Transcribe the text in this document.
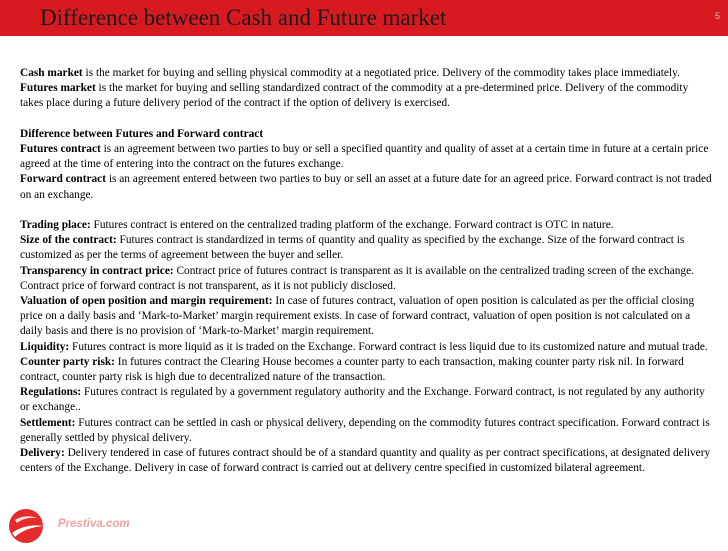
Difference between Cash and Future market	5

Cash market is the market for buying and selling physical commodity at a negotiated price. Delivery of the commodity takes place immediately.

Futures market is the market for buying and selling standardized contract of the commodity at a pre-determined price. Delivery of the commodity takes place during a future delivery period of the contract if the option of delivery is exercised.

Difference between Futures and Forward contract

Futures contract is an agreement between two parties to buy or sell a specified quantity and quality of asset at a certain time in future at a certain price agreed at the time of entering into the contract on the futures exchange.

Forward contract is an agreement entered between two parties to buy or sell an asset at a future date for an agreed price. Forward contract is not traded on an exchange.

Trading place: Futures contract is entered on the centralized trading platform of the exchange. Forward contract is OTC in nature.

Size of the contract: Futures contract is standardized in terms of quantity and quality as specified by the exchange. Size of the forward contract is customized as per the terms of agreement between the buyer and seller.

Transparency in contract price: Contract price of futures contract is transparent as it is available on the centralized trading screen of the exchange. Contract price of forward contract is not transparent, as it is not publicly disclosed.

Valuation of open position and margin requirement: In case of futures contract, valuation of open position is calculated as per the official closing price on a daily basis and ‘Mark-to-Market’ margin requirement exists. In case of forward contract, valuation of open position is not calculated on a daily basis and there is no provision of ‘Mark-to-Market’ margin requirement.

Liquidity: Futures contract is more liquid as it is traded on the Exchange. Forward contract is less liquid due to its customized nature and mutual trade.

Counter party risk: In futures contract the Clearing House becomes a counter party to each transaction, making counter party risk nil. In forward contract, counter party risk is high due to decentralized nature of the transaction.

Regulations: Futures contract is regulated by a government regulatory authority and the Exchange. Forward contract, is not regulated by any authority or exchange..

Settlement: Futures contract can be settled in cash or physical delivery, depending on the commodity futures contract specification. Forward contract is generally settled by physical delivery.

Delivery: Delivery tendered in case of futures contract should be of a standard quantity and quality as per contract specifications, at designated delivery centers of the Exchange. Delivery in case of forward contract is carried out at delivery centre specified in customized bilateral agreement.

Prestiva.com
